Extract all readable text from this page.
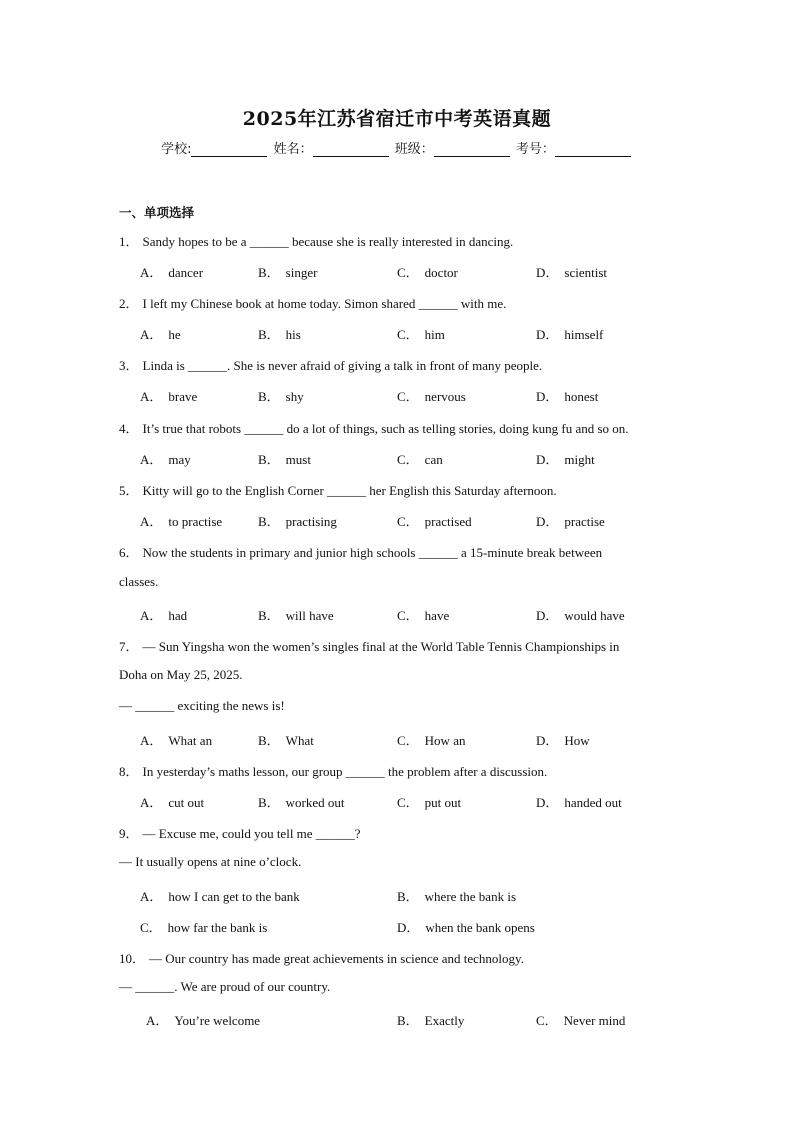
2025年江苏省宿迁市中考英语真题
学校:	姓名：	班级：	考号：
一、单项选择
1． Sandy hopes to be a ______ because she is really interested in dancing.
A． dancer	B． singer	C． doctor	D． scientist
2． I left my Chinese book at home today. Simon shared ______ with me.
A． he	B． his	C． him	D． himself
3． Linda is ______. She is never afraid of giving a talk in front of many people.
A． brave	B． shy	C． nervous	D． honest
4． It’s true that robots ______ do a lot of things, such as telling stories, doing kung fu and so on.
A． may	B． must	C． can	D． might
5． Kitty will go to the English Corner ______ her English this Saturday afternoon.
A． to practise	B． practising	C． practised	D． practise
6． Now the students in primary and junior high schools ______ a 15-minute break between
classes.
A． had	B． will have	C． have	D． would have
7． — Sun Yingsha won the women’s singles final at the World Table Tennis Championships in
Doha on May 25, 2025.
— ______ exciting the news is!
A． What an	B． What	C． How an	D． How
8． In yesterday’s maths lesson, our group ______ the problem after a discussion.
A． cut out	B． worked out	C． put out	D． handed out
9． — Excuse me, could you tell me ______?
— It usually opens at nine o’clock.
A． how I can get to the bank	B． where the bank is
C． how far the bank is	D． when the bank opens
10． — Our country has made great achievements in science and technology.
— ______. We are proud of our country.
A． You’re welcome	B． Exactly	C． Never mind
